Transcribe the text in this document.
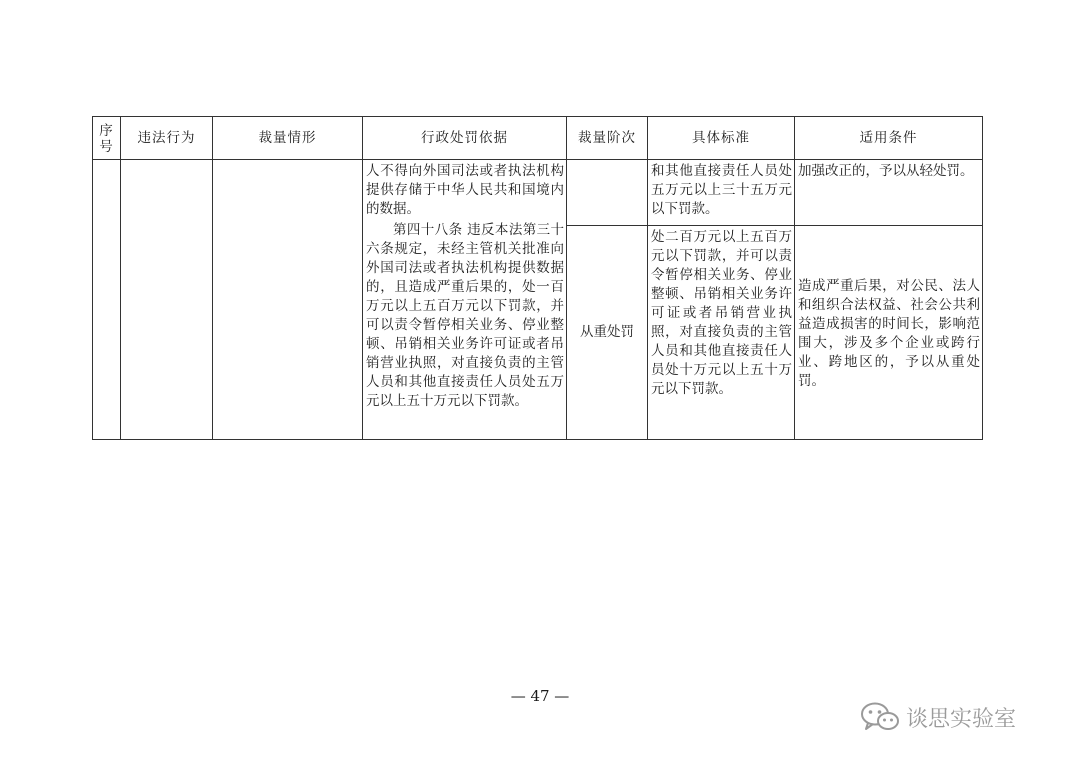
序号	违法行为	裁量情形	行政处罚依据	裁量阶次	具体标准	适用条件

			人不得向外国司法或者执法机构提供存储于中华人民共和国境内的数据。
第四十八条 违反本法第三十六条规定，未经主管机关批准向外国司法或者执法机构提供数据的，且造成严重后果的，处一百万元以上五百万元以下罚款，并可以责令暂停相关业务、停业整顿、吊销相关业务许可证或者吊销营业执照，对直接负责的主管人员和其他直接责任人员处五万元以上五十万元以下罚款。		和其他直接责任人员处五万元以上三十五万元以下罚款。	加强改正的，予以从轻处罚。

				从重处罚	处二百万元以上五百万元以下罚款，并可以责令暂停相关业务、停业整顿、吊销相关业务许可证或者吊销营业执照，对直接负责的主管人员和其他直接责任人员处十万元以上五十万元以下罚款。	造成严重后果，对公民、法人和组织合法权益、社会公共利益造成损害的时间长，影响范围大，涉及多个企业或跨行业、跨地区的，予以从重处罚。
— 47 —
谈思实验室
